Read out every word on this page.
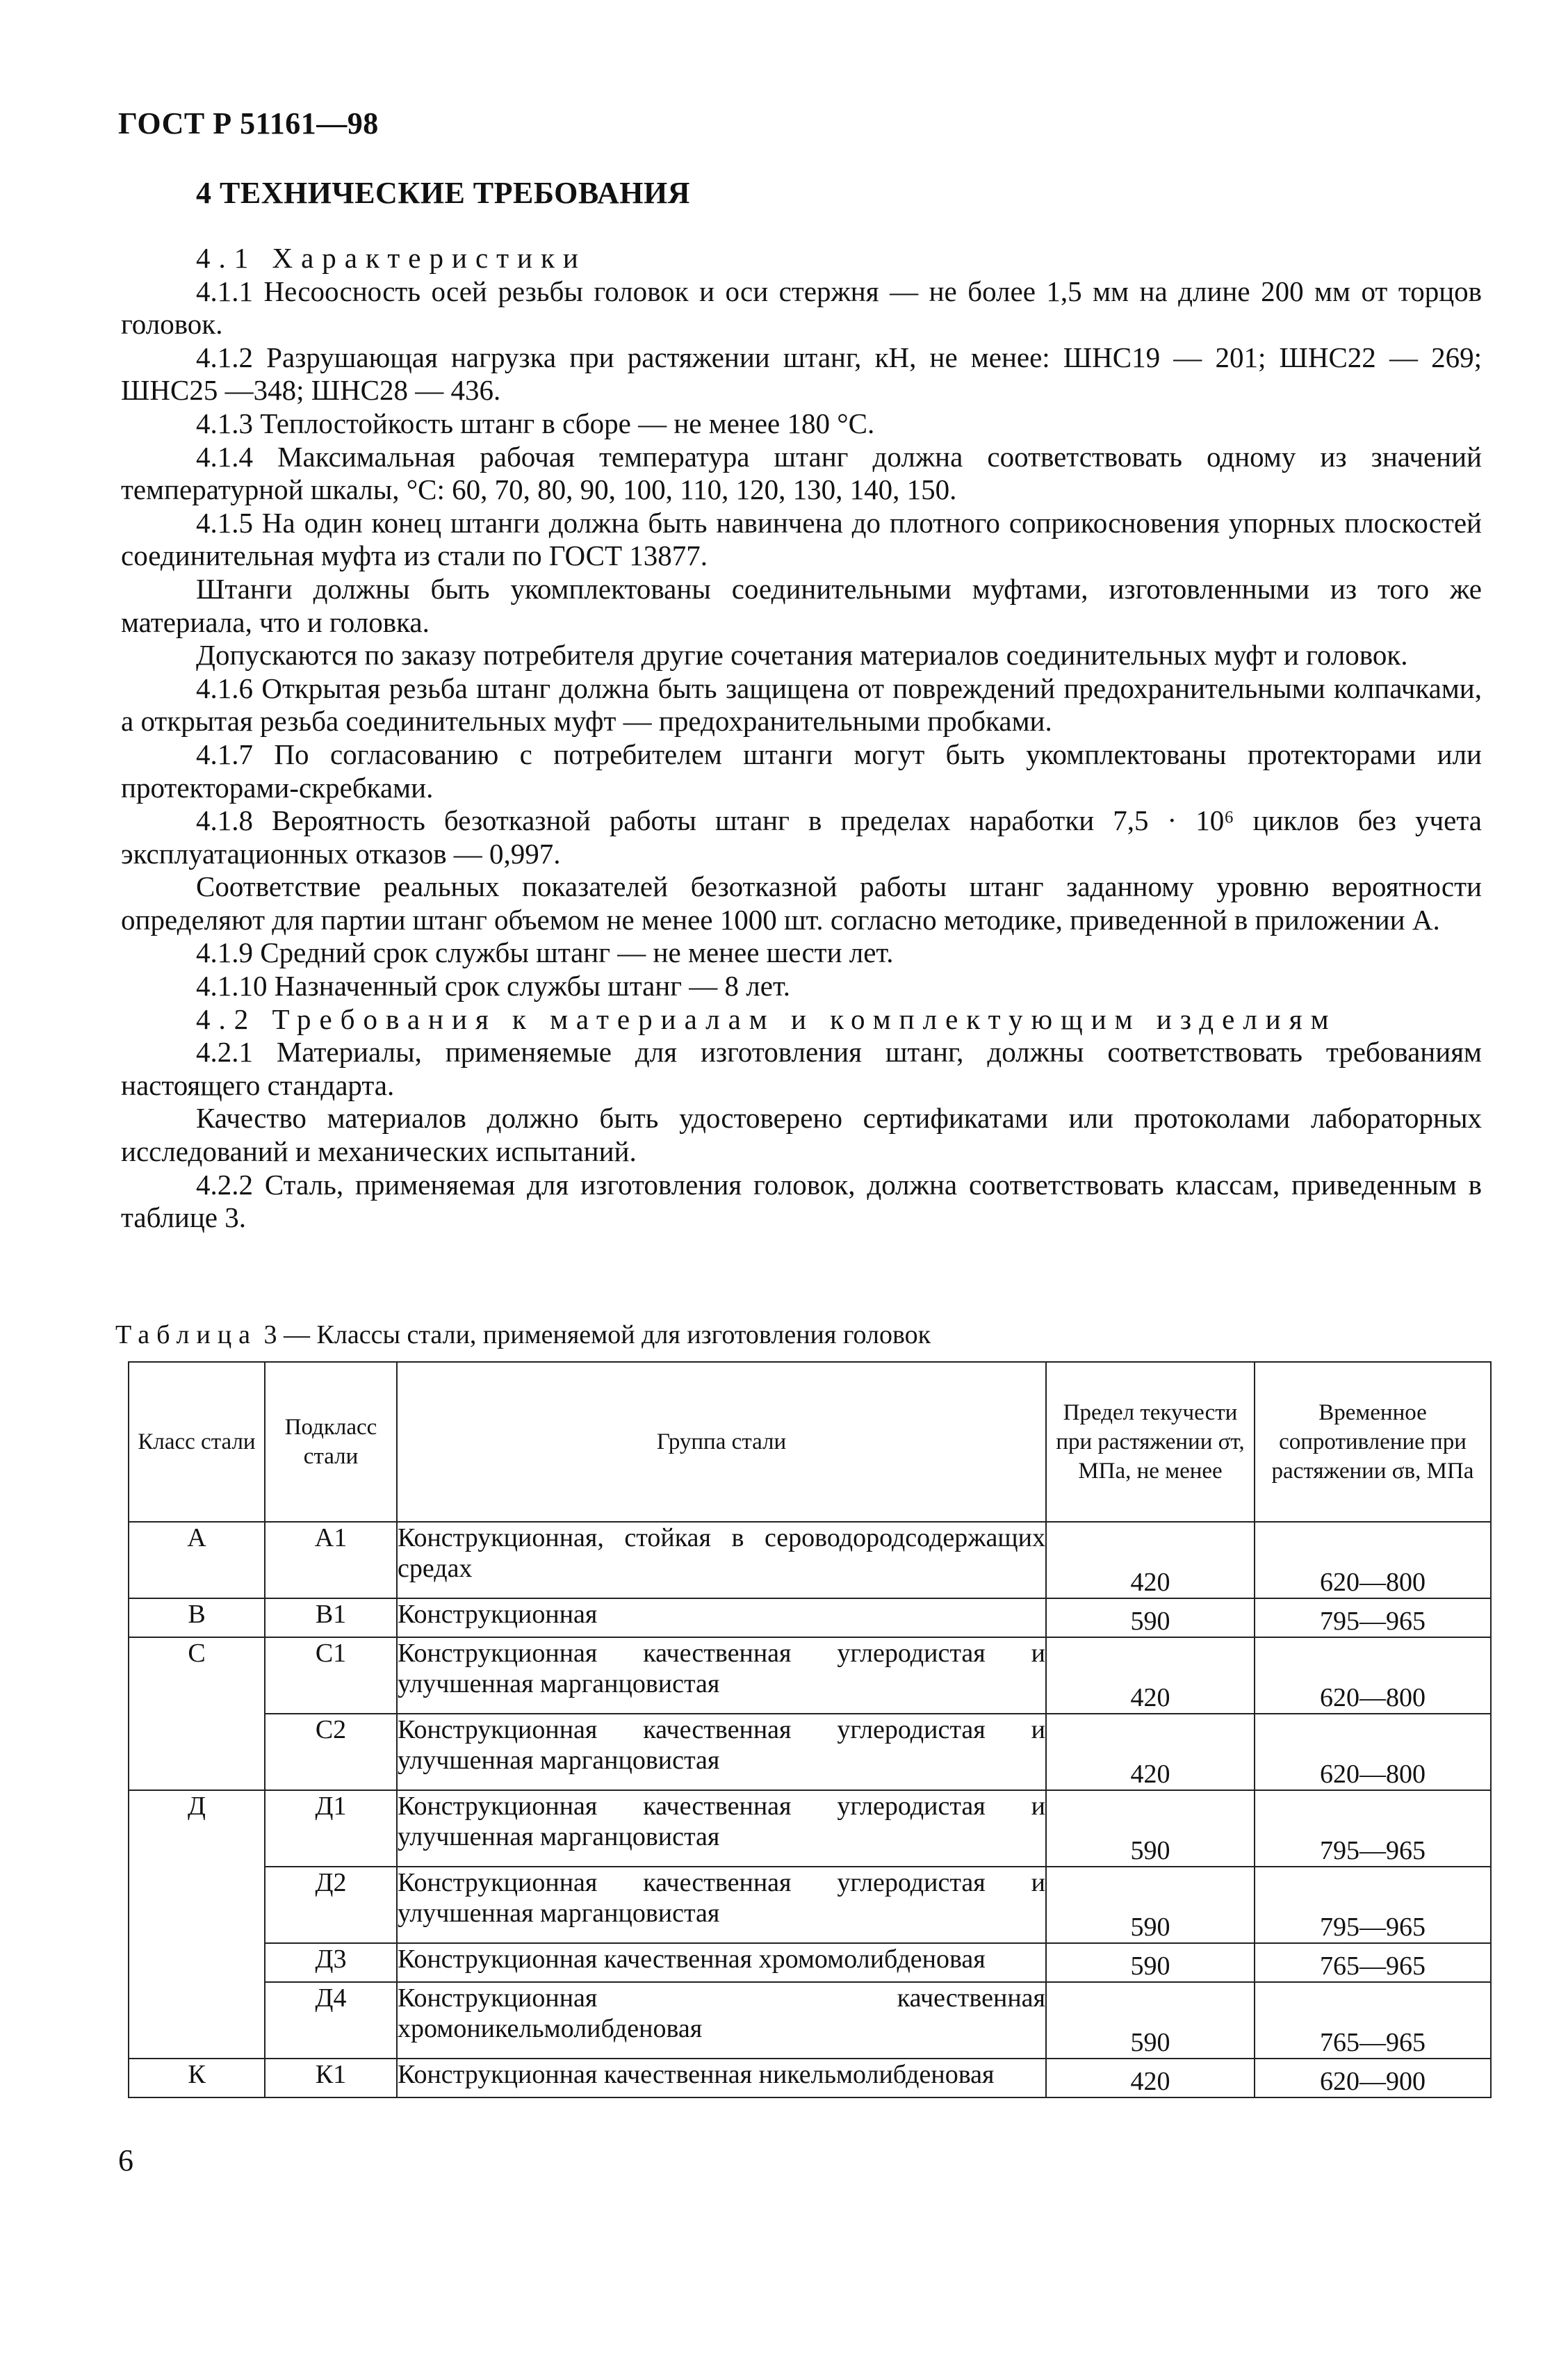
ГОСТ Р 51161—98
4 ТЕХНИЧЕСКИЕ ТРЕБОВАНИЯ

4.1 Характеристики

4.1.1 Несоосность осей резьбы головок и оси стержня — не более 1,5 мм на длине 200 мм от торцов головок.

4.1.2 Разрушающая нагрузка при растяжении штанг, кН, не менее: ШНС19 — 201; ШНС22 — 269; ШНС25 —348; ШНС28 — 436.

4.1.3 Теплостойкость штанг в сборе — не менее 180 °С.

4.1.4 Максимальная рабочая температура штанг должна соответствовать одному из значений температурной шкалы, °С: 60, 70, 80, 90, 100, 110, 120, 130, 140, 150.

4.1.5 На один конец штанги должна быть навинчена до плотного соприкосновения упорных плоскостей соединительная муфта из стали по ГОСТ 13877.

Штанги должны быть укомплектованы соединительными муфтами, изготовленными из того же материала, что и головка.

Допускаются по заказу потребителя другие сочетания материалов соединительных муфт и головок.

4.1.6 Открытая резьба штанг должна быть защищена от повреждений предохранительными колпачками, а открытая резьба соединительных муфт — предохранительными пробками.

4.1.7 По согласованию с потребителем штанги могут быть укомплектованы протекторами или протекторами-скребками.

4.1.8 Вероятность безотказной работы штанг в пределах наработки 7,5 · 10⁶ циклов без учета эксплуатационных отказов — 0,997.

Соответствие реальных показателей безотказной работы штанг заданному уровню вероятности определяют для партии штанг объемом не менее 1000 шт. согласно методике, приведенной в приложении А.

4.1.9 Средний срок службы штанг — не менее шести лет.

4.1.10 Назначенный срок службы штанг — 8 лет.

4.2 Требования к материалам и комплектующим изделиям

4.2.1 Материалы, применяемые для изготовления штанг, должны соответствовать требованиям настоящего стандарта.

Качество материалов должно быть удостоверено сертификатами или протоколами лабораторных исследований и механических испытаний.

4.2.2 Сталь, применяемая для изготовления головок, должна соответствовать классам, приведенным в таблице 3.

Таблица 3 — Классы стали, применяемой для изготовления головок
Класс стали	Подкласс стали	Группа стали	Предел текучести при растяжении σт, МПа, не менее	Временное сопротивление при растяжении σв, МПа
А	А1	Конструкционная, стойкая в сероводородсодержащих средах	420	620—800
В	В1	Конструкционная	590	795—965
С	С1	Конструкционная качественная углеродистая и улучшенная марганцовистая	420	620—800
	С2	Конструкционная качественная углеродистая и улучшенная марганцовистая	420	620—800
Д	Д1	Конструкционная качественная углеродистая и улучшенная марганцовистая	590	795—965
	Д2	Конструкционная качественная углеродистая и улучшенная марганцовистая	590	795—965
	Д3	Конструкционная качественная хромомолибденовая	590	765—965
	Д4	Конструкционная качественная хромоникельмолибденовая	590	765—965
К	К1	Конструкционная качественная никельмолибденовая	420	620—900
6
